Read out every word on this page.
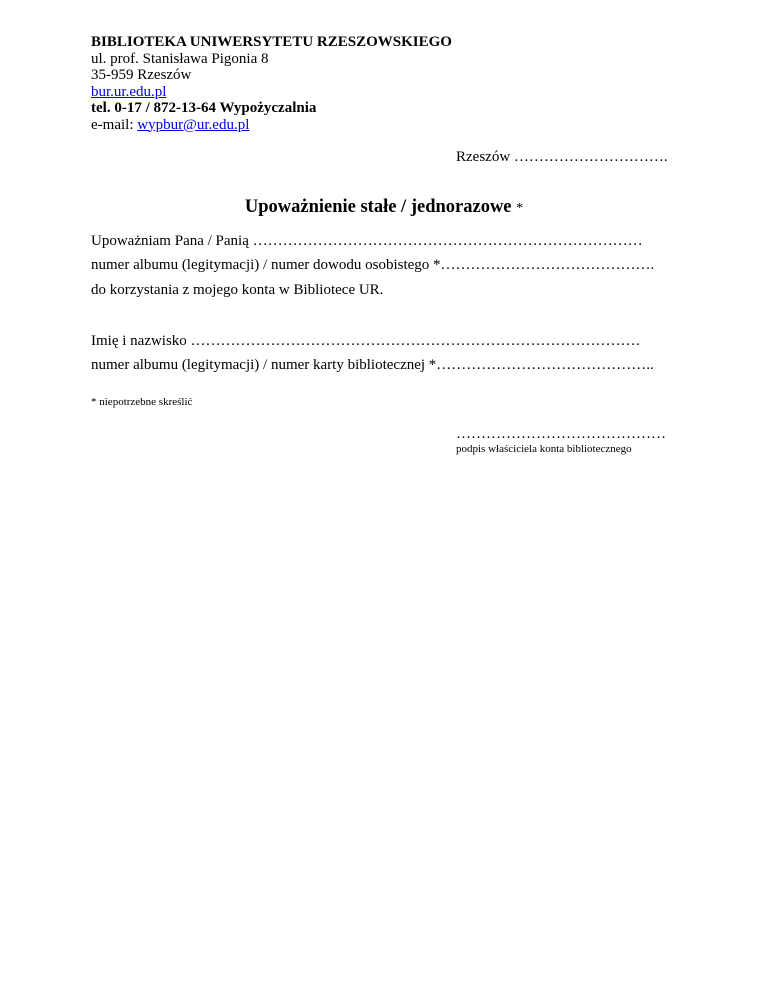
BIBLIOTEKA UNIWERSYTETU RZESZOWSKIEGO
ul. prof. Stanisława Pigonia 8
35-959 Rzeszów
bur.ur.edu.pl
tel. 0-17 / 872-13-64 Wypożyczalnia
e-mail: wypbur@ur.edu.pl
Rzeszów ………………………….
Upoważnienie stałe / jednorazowe *
Upoważniam Pana / Panią ……………………………………………………………………
numer albumu (legitymacji) / numer dowodu osobistego *…………………………………….
do korzystania z mojego konta w Bibliotece UR.
Imię i nazwisko ………………………………………………………………………………
numer albumu (legitymacji) / numer karty bibliotecznej *……………………………………..
* niepotrzebne skreślić
……………………………………
podpis właściciela konta bibliotecznego
